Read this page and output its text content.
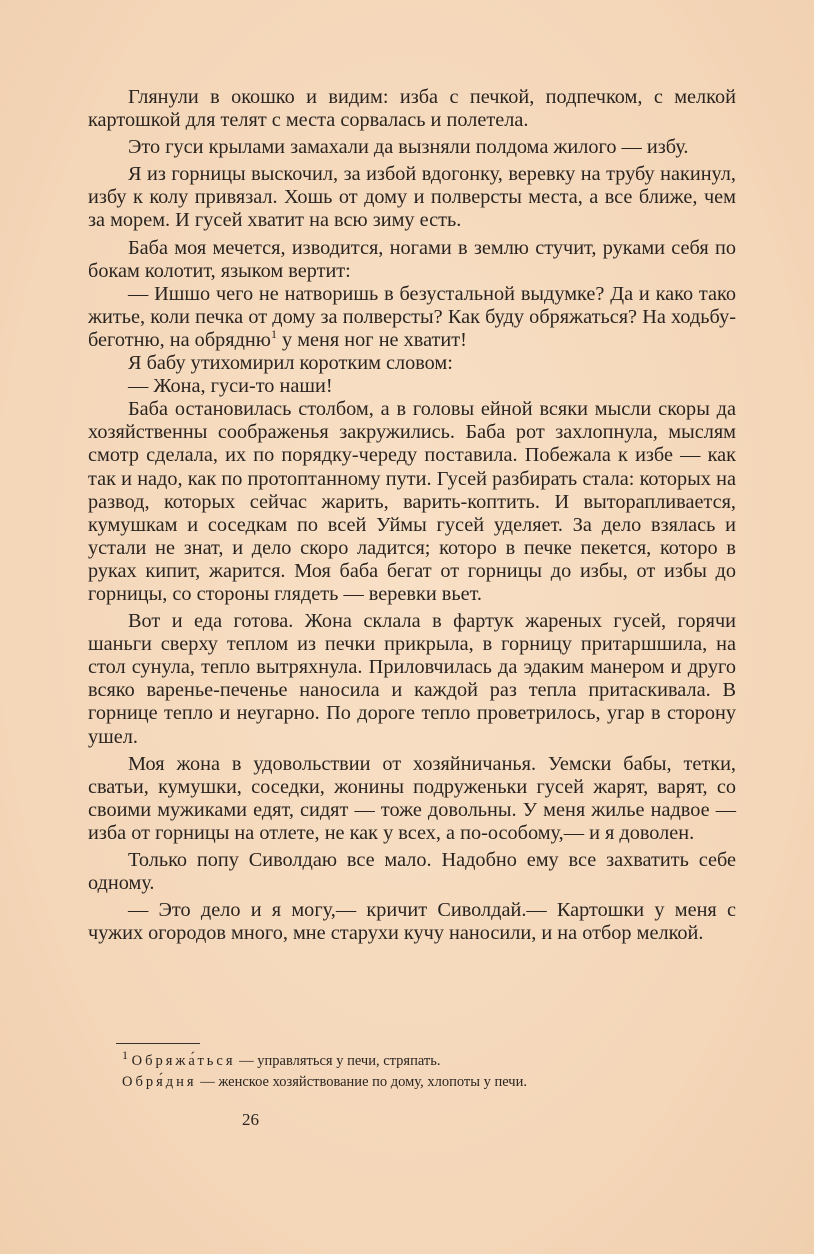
Глянули в окошко и видим: изба с печкой, подпечком, с мелкой картошкой для телят с места сорвалась и полетела.

Это гуси крылами замахали да вызняли полдома жилого — избу.

Я из горницы выскочил, за избой вдогонку, веревку на трубу накинул, избу к колу привязал. Хошь от дому и полверсты места, а все ближе, чем за морем. И гусей хватит на всю зиму есть.

Баба моя мечется, изводится, ногами в землю стучит, руками себя по бокам колотит, языком вертит:

— Ишшо чего не натворишь в безустальной выдумке? Да и како тако житье, коли печка от дому за полверсты? Как буду обряжаться? На ходьбу-беготню, на обрядню$^1$ у меня ног не хватит!

Я бабу утихомирил коротким словом:

— Жона, гуси-то наши!

Баба остановилась столбом, а в головы ейной всяки мысли скоры да хозяйственны соображенья закружились. Баба рот захлопнула, мыслям смотр сделала, их по порядку-череду поставила. Побежала к избе — как так и надо, как по протоптанному пути. Гусей разбирать стала: которых на развод, которых сейчас жарить, варить-коптить. И выторапливается, кумушкам и соседкам по всей Уймы гусей уделяет. За дело взялась и устали не знат, и дело скоро ладится; которо в печке пекется, которо в руках кипит, жарится. Моя баба бегат от горницы до избы, от избы до горницы, со стороны глядеть — веревки вьет.

Вот и еда готова. Жона склала в фартук жареных гусей, горячи шаньги сверху теплом из печки прикрыла, в горницу притаршшила, на стол сунула, тепло вытряхнула. Приловчилась да эдаким манером и друго всяко варенье-печенье наносила и каждой раз тепла притаскивала. В горнице тепло и неугарно. По дороге тепло проветрилось, угар в сторону ушел.

Моя жона в удовольствии от хозяйничанья. Уемски бабы, тетки, сватьи, кумушки, соседки, жонины подруженьки гусей жарят, варят, со своими мужиками едят, сидят — тоже довольны. У меня жилье надвое — изба от горницы на отлете, не как у всех, а по-особому,— и я доволен.

Только попу Сиволдаю все мало. Надобно ему все захватить себе одному.

— Это дело и я могу,— кричит Сиволдай.— Картошки у меня с чужих огородов много, мне старухи кучу наносили, и на отбор мелкой.

$^1$ Обряжа́ться — управляться у печи, стряпать.

Обря́дня — женское хозяйствование по дому, хлопоты у печи.

26
